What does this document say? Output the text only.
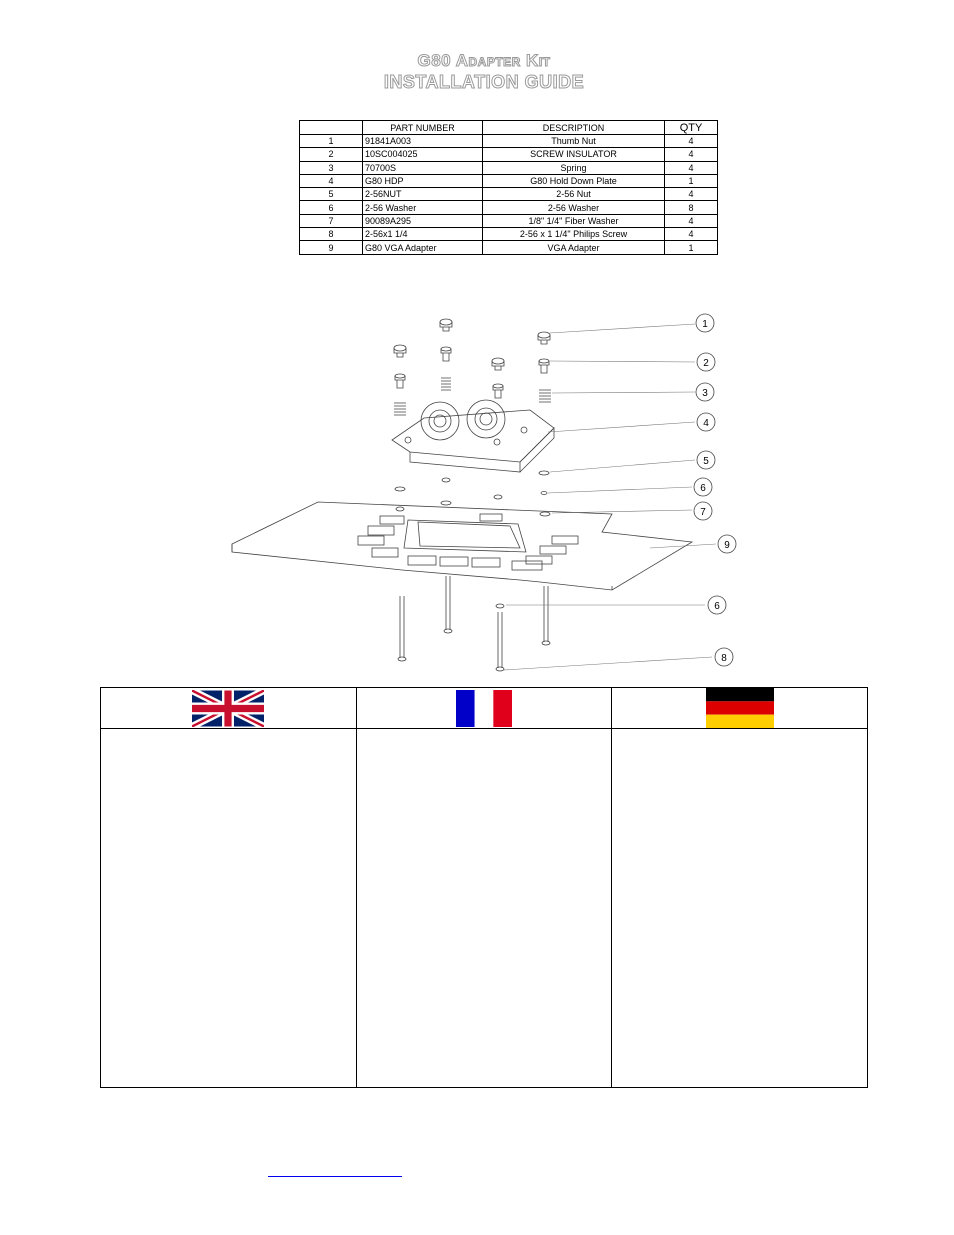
G80 Adapter Kit
INSTALLATION GUIDE
	PART NUMBER	DESCRIPTION	QTY
1	91841A003	Thumb Nut	4
2	10SC004025	SCREW INSULATOR	4
3	70700S	Spring	4
4	G80 HDP	G80 Hold Down Plate	1
5	2-56NUT	2-56 Nut	4
6	2-56 Washer	2-56 Washer	8
7	90089A295	1/8" 1/4" Fiber Washer	4
8	2-56x1 1/4	2-56 x 1 1/4" Philips Screw	4
9	G80 VGA Adapter	VGA Adapter	1
1
2
3
4
5
6
7
9
6
8
